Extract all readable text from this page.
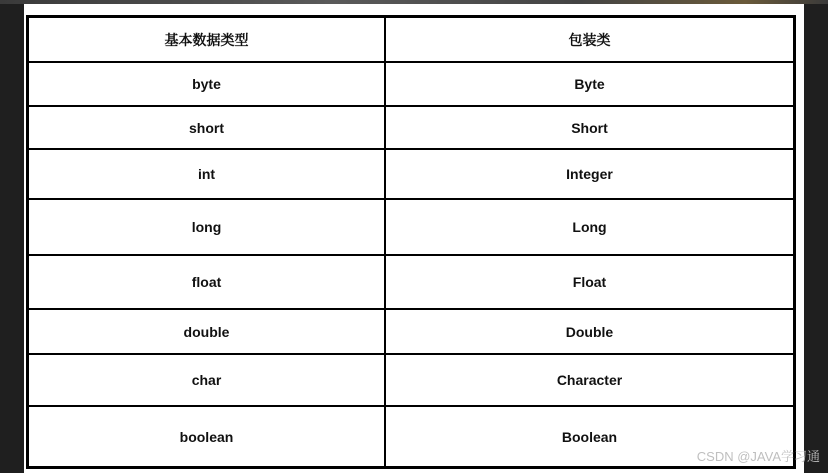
基本数据类型	包装类
byte	Byte
short	Short
int	Integer
long	Long
float	Float
double	Double
char	Character
boolean	Boolean
CSDN @JAVA学习通
